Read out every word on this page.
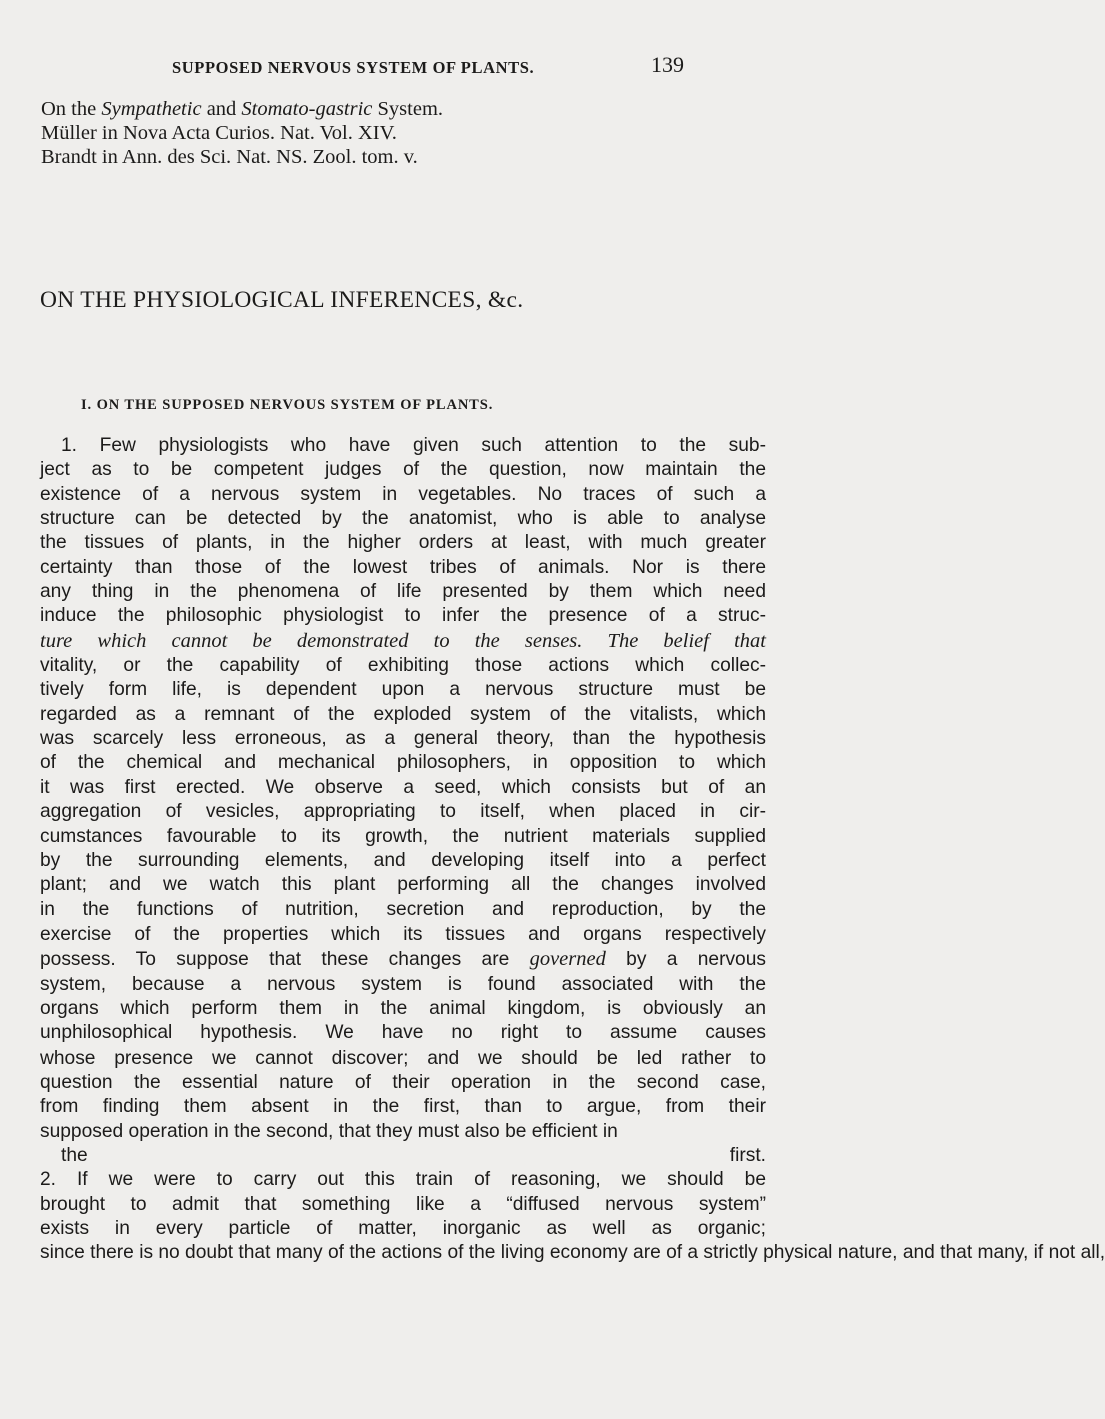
SUPPOSED NERVOUS SYSTEM OF PLANTS.	139
On the Sympathetic and Stomato-gastric System.
Müller in Nova Acta Curios. Nat. Vol. XIV.
Brandt in Ann. des Sci. Nat. NS. Zool. tom. v.
ON THE PHYSIOLOGICAL INFERENCES, &c.
I. ON THE SUPPOSED NERVOUS SYSTEM OF PLANTS.

1. Few physiologists who have given such attention to the sub-
ject as to be competent judges of the question, now maintain the
existence of a nervous system in vegetables. No traces of such a
structure can be detected by the anatomist, who is able to analyse
the tissues of plants, in the higher orders at least, with much greater
certainty than those of the lowest tribes of animals. Nor is there
any thing in the phenomena of life presented by them which need
induce the philosophic physiologist to infer the presence of a struc-
ture which cannot be demonstrated to the senses. The belief that
vitality, or the capability of exhibiting those actions which collec-
tively form life, is dependent upon a nervous structure must be
regarded as a remnant of the exploded system of the vitalists, which
was scarcely less erroneous, as a general theory, than the hypothesis
of the chemical and mechanical philosophers, in opposition to which
it was first erected. We observe a seed, which consists but of an
aggregation of vesicles, appropriating to itself, when placed in cir-
cumstances favourable to its growth, the nutrient materials supplied
by the surrounding elements, and developing itself into a perfect
plant; and we watch this plant performing all the changes involved
in the functions of nutrition, secretion and reproduction, by the
exercise of the properties which its tissues and organs respectively
possess. To suppose that these changes are governed by a nervous
system, because a nervous system is found associated with the
organs which perform them in the animal kingdom, is obviously an
unphilosophical hypothesis. We have no right to assume causes
whose presence we cannot discover; and we should be led rather to
question the essential nature of their operation in the second case,
from finding them absent in the first, than to argue, from their
supposed operation in the second, that they must also be efficient in

the first.
2. If we were to carry out this train of reasoning, we should be
brought to admit that something like a “diffused nervous system”
exists in every particle of matter, inorganic as well as organic;
since there is no doubt that many of the actions of the living economy are of a strictly physical nature, and that many, if not all,
